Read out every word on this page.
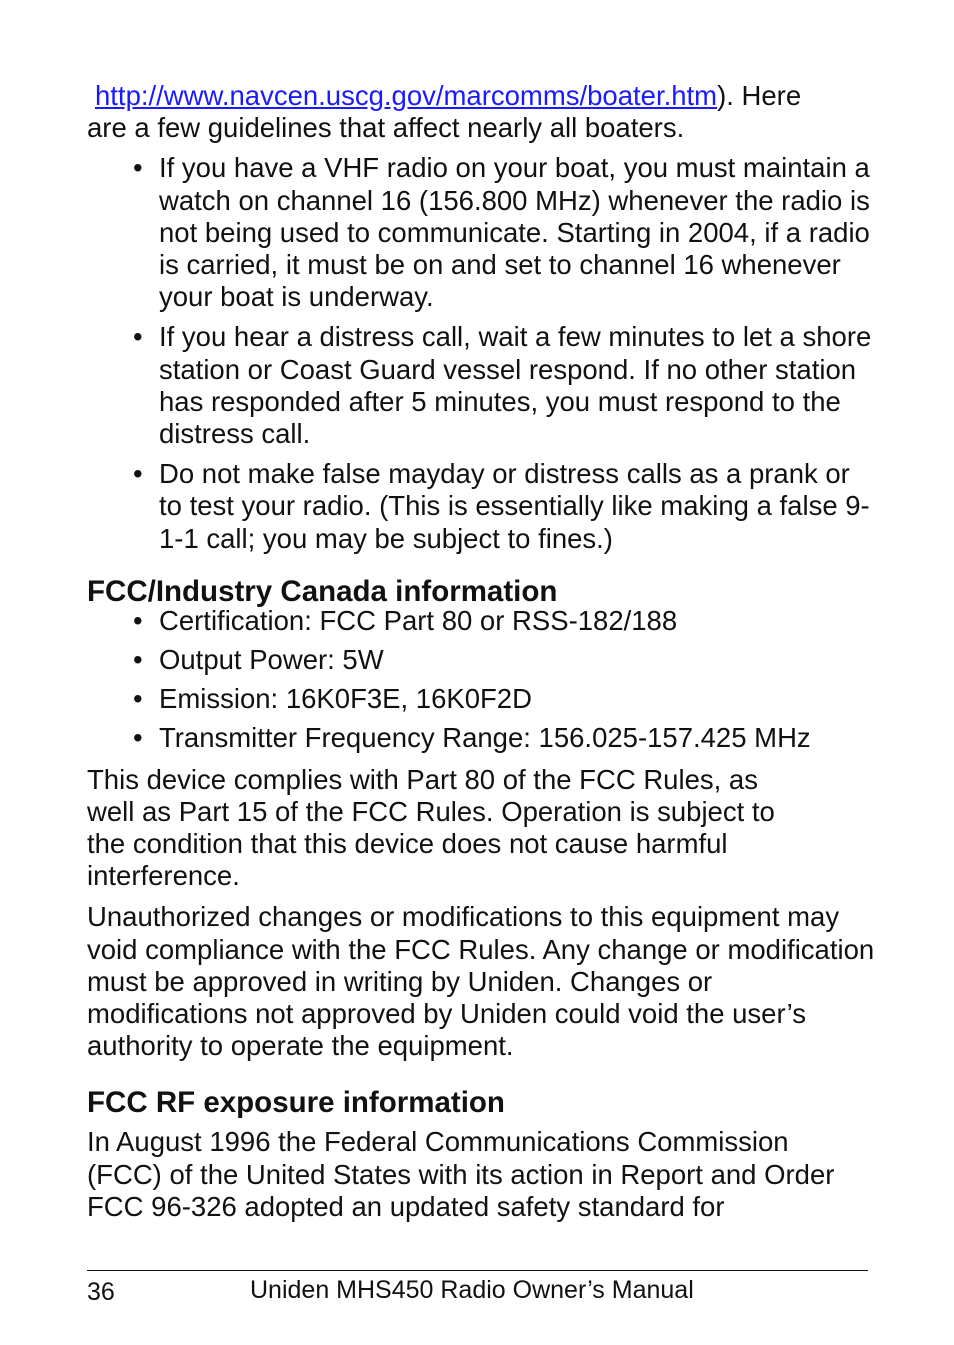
http://www.navcen.uscg.gov/marcomms/boater.htm). Here
are a few guidelines that affect nearly all boaters.

• If you have a VHF radio on your boat, you must maintain a watch on channel 16 (156.800 MHz) whenever the radio is not being used to communicate. Starting in 2004, if a radio is carried, it must be on and set to channel 16 whenever your boat is underway.
• If you hear a distress call, wait a few minutes to let a shore station or Coast Guard vessel respond. If no other station has responded after 5 minutes, you must respond to the distress call.
• Do not make false mayday or distress calls as a prank or to test your radio. (This is essentially like making a false 9-1-1 call; you may be subject to fines.)
FCC/Industry Canada information
• Certification: FCC Part 80 or RSS-182/188
• Output Power: 5W
• Emission: 16K0F3E, 16K0F2D
• Transmitter Frequency Range: 156.025-157.425 MHz

This device complies with Part 80 of the FCC Rules, as well as Part 15 of the FCC Rules. Operation is subject to the condition that this device does not cause harmful interference.

Unauthorized changes or modifications to this equipment may void compliance with the FCC Rules. Any change or modification must be approved in writing by Uniden. Changes or modifications not approved by Uniden could void the user’s authority to operate the equipment.

FCC RF exposure information

In August 1996 the Federal Communications Commission (FCC) of the United States with its action in Report and Order FCC 96-326 adopted an updated safety standard for

36	Uniden MHS450 Radio Owner’s Manual
